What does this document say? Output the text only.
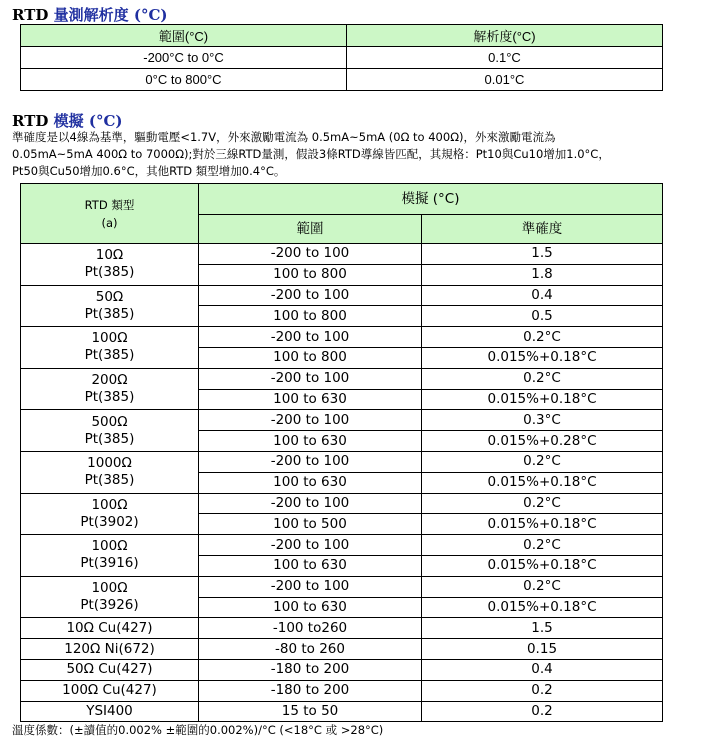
RTD 量測解析度 (°C)
範圍(°C)	解析度(°C)
-200°C to 0°C	0.1°C
0°C to 800°C	0.01°C
RTD 模擬 (°C)
準確度是以4線為基準，驅動電壓<1.7V，外來激勵電流為 0.5mA~5mA (0Ω to 400Ω)，外來激勵電流為
0.05mA~5mA 400Ω to 7000Ω);對於三線RTD量測，假設3條RTD導線皆匹配，其規格：Pt10與Cu10增加1.0°C，
Pt50與Cu50增加0.6°C，其他RTD 類型增加0.4°C。
RTD 類型
(a)	模擬 (°C)	
	範圍	準確度

10Ω
Pt(385)	-200 to 100	1.5
	100 to 800	1.8

50Ω
Pt(385)	-200 to 100	0.4
	100 to 800	0.5

100Ω
Pt(385)	-200 to 100	0.2°C
	100 to 800	0.015%+0.18°C

200Ω
Pt(385)	-200 to 100	0.2°C
	100 to 630	0.015%+0.18°C

500Ω
Pt(385)	-200 to 100	0.3°C
	100 to 630	0.015%+0.28°C

1000Ω
Pt(385)	-200 to 100	0.2°C
	100 to 630	0.015%+0.18°C

100Ω
Pt(3902)	-200 to 100	0.2°C
	100 to 500	0.015%+0.18°C

100Ω
Pt(3916)	-200 to 100	0.2°C
	100 to 630	0.015%+0.18°C

100Ω
Pt(3926)	-200 to 100	0.2°C
	100 to 630	0.015%+0.18°C
10Ω Cu(427)	-100 to260	1.5
120Ω Ni(672)	-80 to 260	0.15
50Ω Cu(427)	-180 to 200	0.4
100Ω Cu(427)	-180 to 200	0.2
YSI400	15 to 50	0.2
溫度係數：(±讀值的0.002% ±範圍的0.002%)/°C (<18°C 或 >28°C)
